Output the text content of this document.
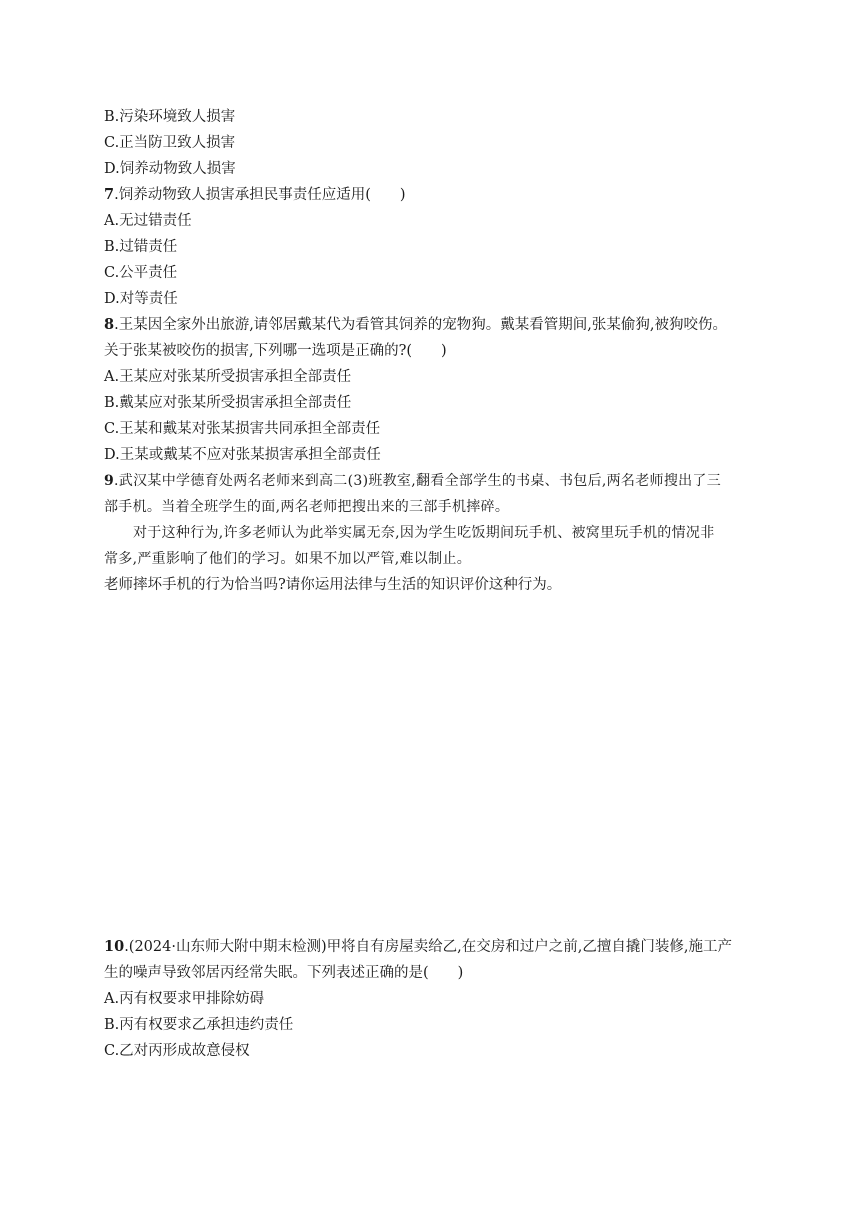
B.污染环境致人损害
C.正当防卫致人损害
D.饲养动物致人损害
7.饲养动物致人损害承担民事责任应适用(　　)
A.无过错责任
B.过错责任
C.公平责任
D.对等责任
8.王某因全家外出旅游,请邻居戴某代为看管其饲养的宠物狗。戴某看管期间,张某偷狗,被狗咬伤。
关于张某被咬伤的损害,下列哪一选项是正确的?(　　)
A.王某应对张某所受损害承担全部责任
B.戴某应对张某所受损害承担全部责任
C.王某和戴某对张某损害共同承担全部责任
D.王某或戴某不应对张某损害承担全部责任
9.武汉某中学德育处两名老师来到高二(3)班教室,翻看全部学生的书桌、书包后,两名老师搜出了三
部手机。当着全班学生的面,两名老师把搜出来的三部手机摔碎。
对于这种行为,许多老师认为此举实属无奈,因为学生吃饭期间玩手机、被窝里玩手机的情况非
常多,严重影响了他们的学习。如果不加以严管,难以制止。
老师摔坏手机的行为恰当吗?请你运用法律与生活的知识评价这种行为。
10.(2024·山东师大附中期末检测)甲将自有房屋卖给乙,在交房和过户之前,乙擅自撬门装修,施工产
生的噪声导致邻居丙经常失眠。下列表述正确的是(　　)
A.丙有权要求甲排除妨碍
B.丙有权要求乙承担违约责任
C.乙对丙形成故意侵权
